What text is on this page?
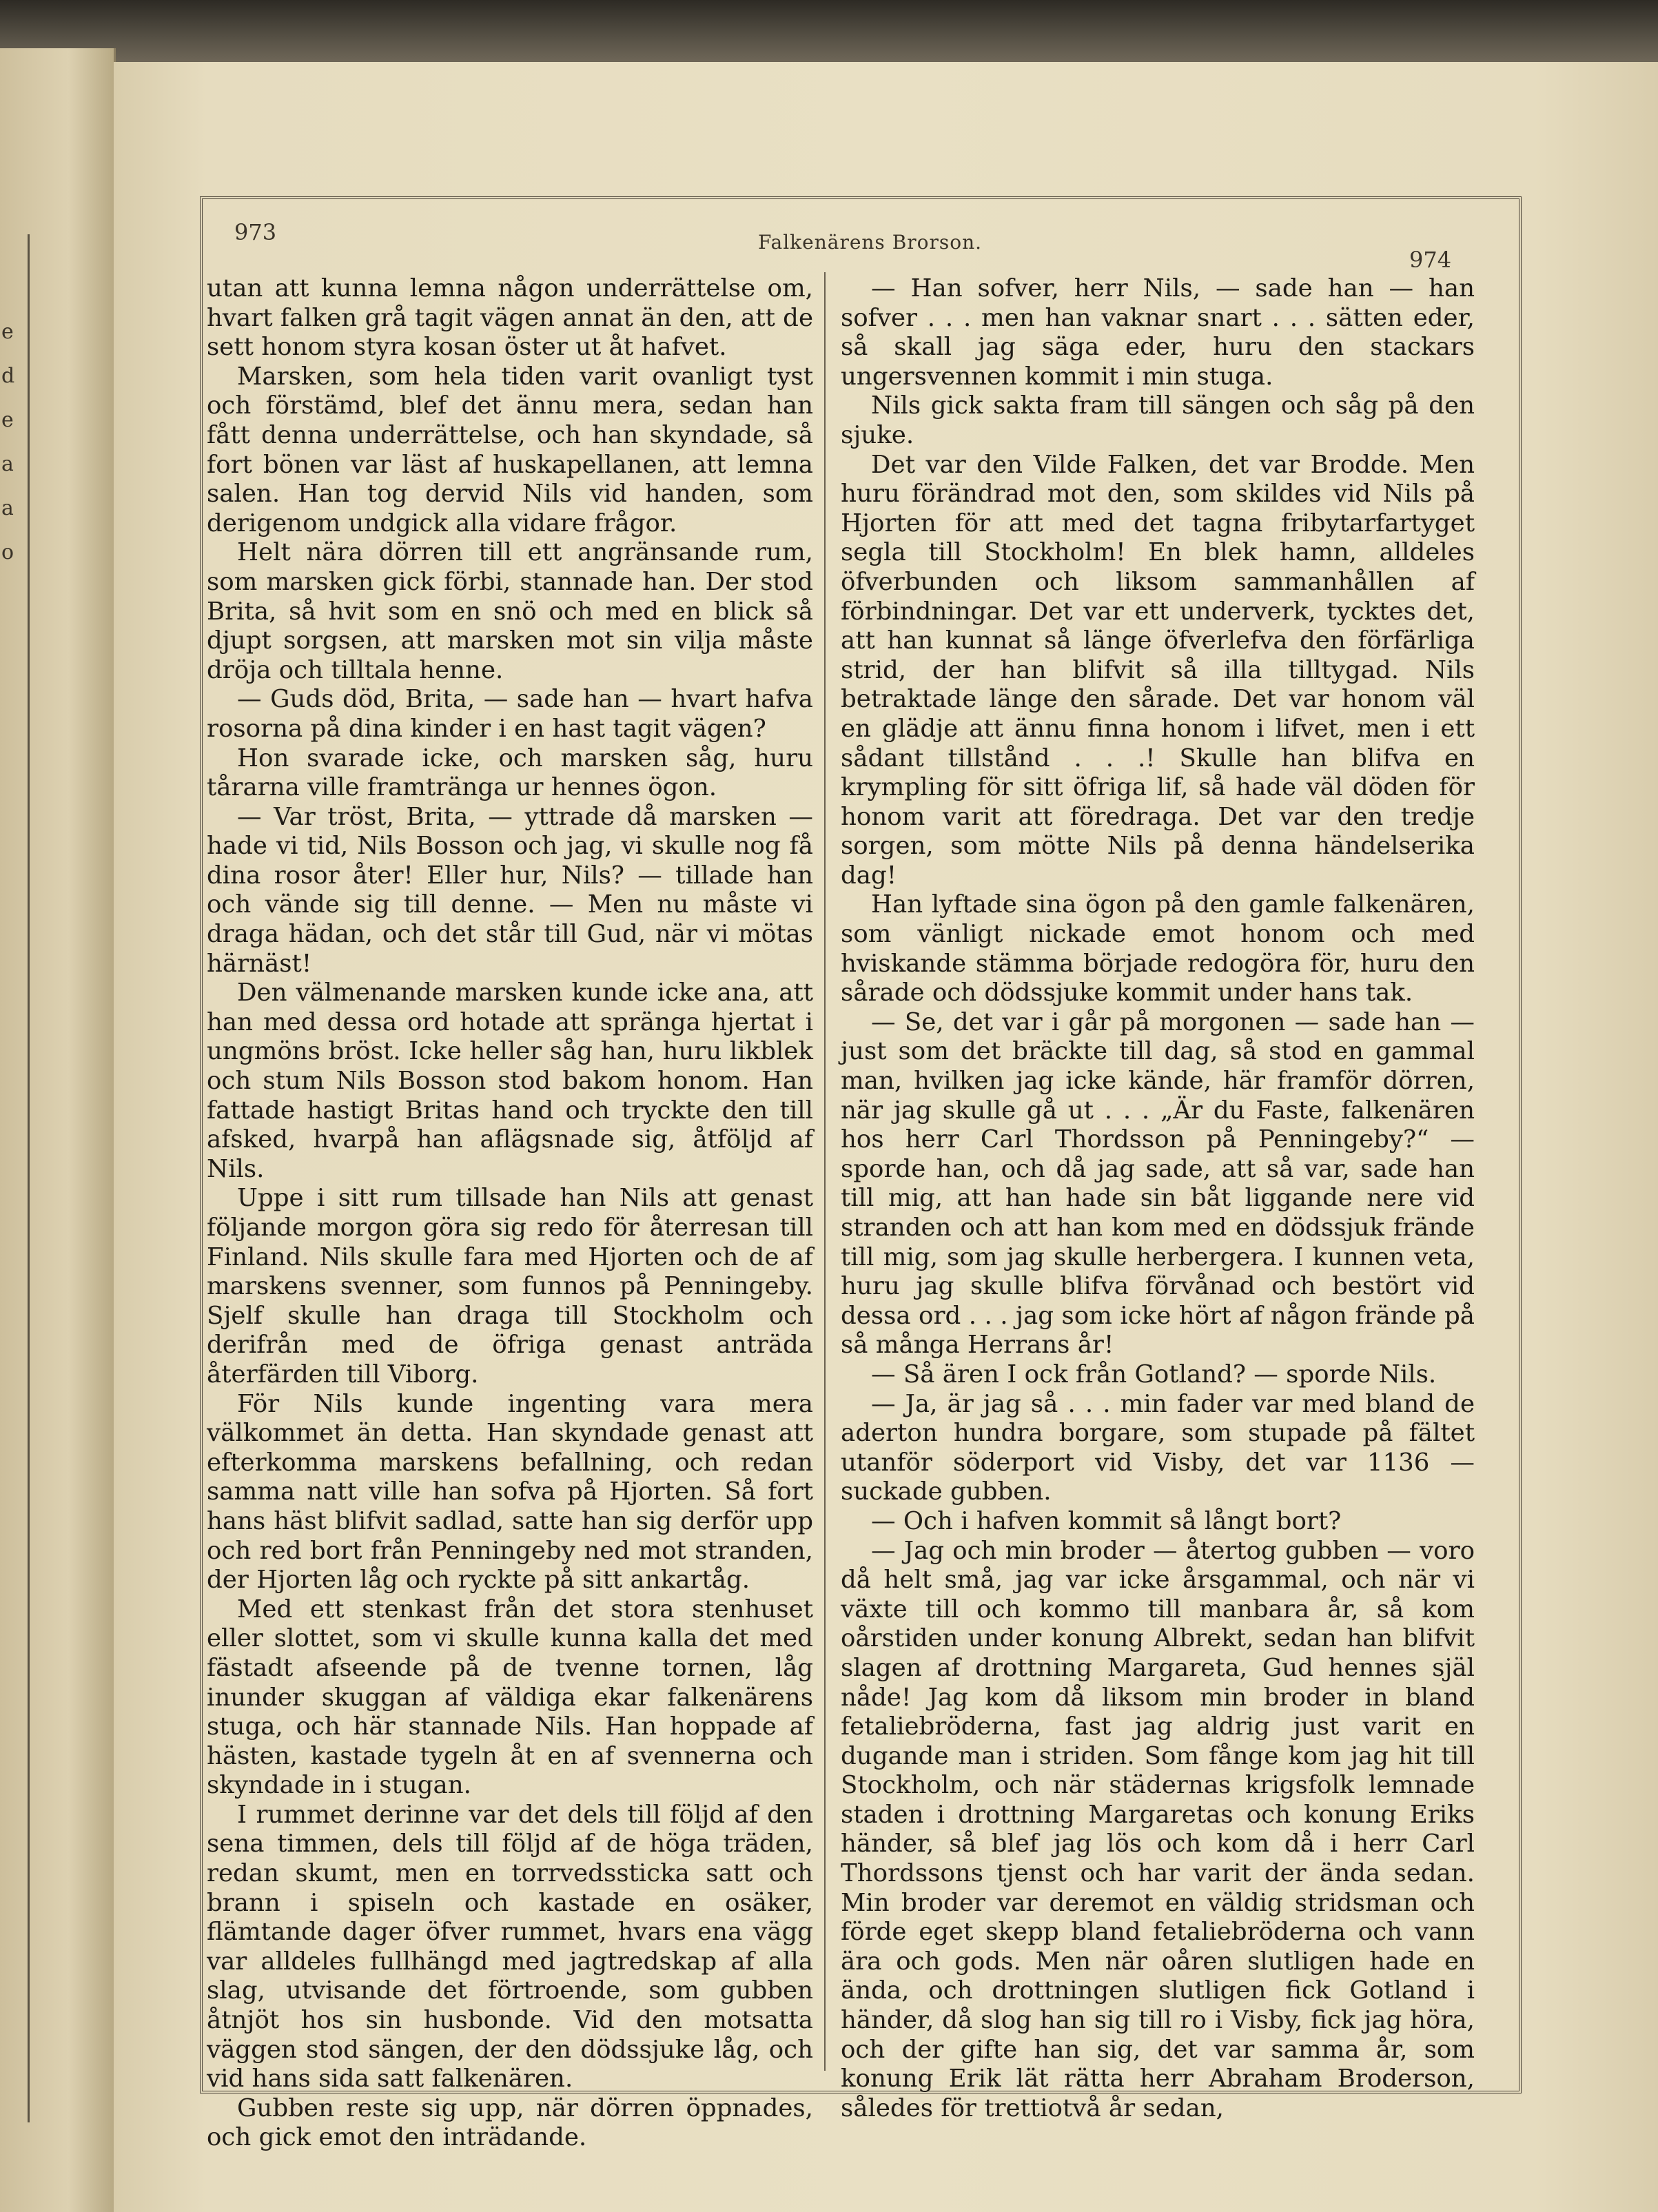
e
d
e
a
a
o
973	Falkenärens Brorson.
974

utan att kunna lemna någon underrättelse om, hvart falken grå tagit vägen annat än den, att de sett honom styra kosan öster ut åt hafvet.

Marsken, som hela tiden varit ovanligt tyst och förstämd, blef det ännu mera, sedan han fått denna underrättelse, och han skyndade, så fort bönen var läst af huskapellanen, att lemna salen. Han tog dervid Nils vid handen, som derigenom undgick alla vidare frågor.

Helt nära dörren till ett angränsande rum, som marsken gick förbi, stannade han. Der stod Brita, så hvit som en snö och med en blick så djupt sorgsen, att marsken mot sin vilja måste dröja och tilltala henne.

— Guds död, Brita, — sade han — hvart hafva rosorna på dina kinder i en hast tagit vägen?

Hon svarade icke, och marsken såg, huru tårarna ville framtränga ur hennes ögon.

— Var tröst, Brita, — yttrade då marsken — hade vi tid, Nils Bosson och jag, vi skulle nog få dina rosor åter! Eller hur, Nils? — tillade han och vände sig till denne. — Men nu måste vi draga hädan, och det står till Gud, när vi mötas härnäst!

Den välmenande marsken kunde icke ana, att han med dessa ord hotade att spränga hjertat i ungmöns bröst. Icke heller såg han, huru likblek och stum Nils Bosson stod bakom honom. Han fattade hastigt Britas hand och tryckte den till afsked, hvarpå han aflägsnade sig, åtföljd af Nils.

Uppe i sitt rum tillsade han Nils att genast följande morgon göra sig redo för återresan till Finland. Nils skulle fara med Hjorten och de af marskens svenner, som funnos på Penningeby. Sjelf skulle han draga till Stockholm och derifrån med de öfriga genast anträda återfärden till Viborg.

För Nils kunde ingenting vara mera välkommet än detta. Han skyndade genast att efterkomma marskens befallning, och redan samma natt ville han sofva på Hjorten. Så fort hans häst blifvit sadlad, satte han sig derför upp och red bort från Penningeby ned mot stranden, der Hjorten låg och ryckte på sitt ankartåg.

Med ett stenkast från det stora stenhuset eller slottet, som vi skulle kunna kalla det med fästadt afseende på de tvenne tornen, låg inunder skuggan af väldiga ekar falkenärens stuga, och här stannade Nils. Han hoppade af hästen, kastade tygeln åt en af svennerna och skyndade in i stugan.

I rummet derinne var det dels till följd af den sena timmen, dels till följd af de höga träden, redan skumt, men en torrvedssticka satt och brann i spiseln och kastade en osäker, flämtande dager öfver rummet, hvars ena vägg var alldeles fullhängd med jagtredskap af alla slag, utvisande det förtroende, som gubben åtnjöt hos sin husbonde. Vid den motsatta väggen stod sängen, der den dödssjuke låg, och vid hans sida satt falkenären.

Gubben reste sig upp, när dörren öppnades, och gick emot den inträdande.

— Han sofver, herr Nils, — sade han — han sofver . . . men han vaknar snart . . . sätten eder, så skall jag säga eder, huru den stackars ungersvennen kommit i min stuga.

Nils gick sakta fram till sängen och såg på den sjuke.

Det var den Vilde Falken, det var Brodde. Men huru förändrad mot den, som skildes vid Nils på Hjorten för att med det tagna fribytarfartyget segla till Stockholm! En blek hamn, alldeles öfverbunden och liksom sammanhållen af förbindningar. Det var ett underverk, tycktes det, att han kunnat så länge öfverlefva den förfärliga strid, der han blifvit så illa tilltygad. Nils betraktade länge den sårade. Det var honom väl en glädje att ännu finna honom i lifvet, men i ett sådant tillstånd . . .! Skulle han blifva en krympling för sitt öfriga lif, så hade väl döden för honom varit att föredraga. Det var den tredje sorgen, som mötte Nils på denna händelserika dag!

Han lyftade sina ögon på den gamle falkenären, som vänligt nickade emot honom och med hviskande stämma började redogöra för, huru den sårade och dödssjuke kommit under hans tak.

— Se, det var i går på morgonen — sade han — just som det bräckte till dag, så stod en gammal man, hvilken jag icke kände, här framför dörren, när jag skulle gå ut . . . „Är du Faste, falkenären hos herr Carl Thordsson på Penningeby?“ — sporde han, och då jag sade, att så var, sade han till mig, att han hade sin båt liggande nere vid stranden och att han kom med en dödssjuk frände till mig, som jag skulle herbergera. I kunnen veta, huru jag skulle blifva förvånad och bestört vid dessa ord . . . jag som icke hört af någon frände på så många Herrans år!

— Så ären I ock från Gotland? — sporde Nils.

— Ja, är jag så . . . min fader var med bland de aderton hundra borgare, som stupade på fältet utanför söderport vid Visby, det var 1136 — suckade gubben.

— Och i hafven kommit så långt bort?

— Jag och min broder — återtog gubben — voro då helt små, jag var icke årsgammal, och när vi växte till och kommo till manbara år, så kom oårstiden under konung Albrekt, sedan han blifvit slagen af drottning Margareta, Gud hennes själ nåde! Jag kom då liksom min broder in bland fetaliebröderna, fast jag aldrig just varit en dugande man i striden. Som fånge kom jag hit till Stockholm, och när städernas krigsfolk lemnade staden i drottning Margaretas och konung Eriks händer, så blef jag lös och kom då i herr Carl Thordssons tjenst och har varit der ända sedan. Min broder var deremot en väldig stridsman och förde eget skepp bland fetaliebröderna och vann ära och gods. Men när oåren slutligen hade en ända, och drottningen slutligen fick Gotland i händer, då slog han sig till ro i Visby, fick jag höra, och der gifte han sig, det var samma år, som konung Erik lät rätta herr Abraham Broderson, således för trettiotvå år sedan,
